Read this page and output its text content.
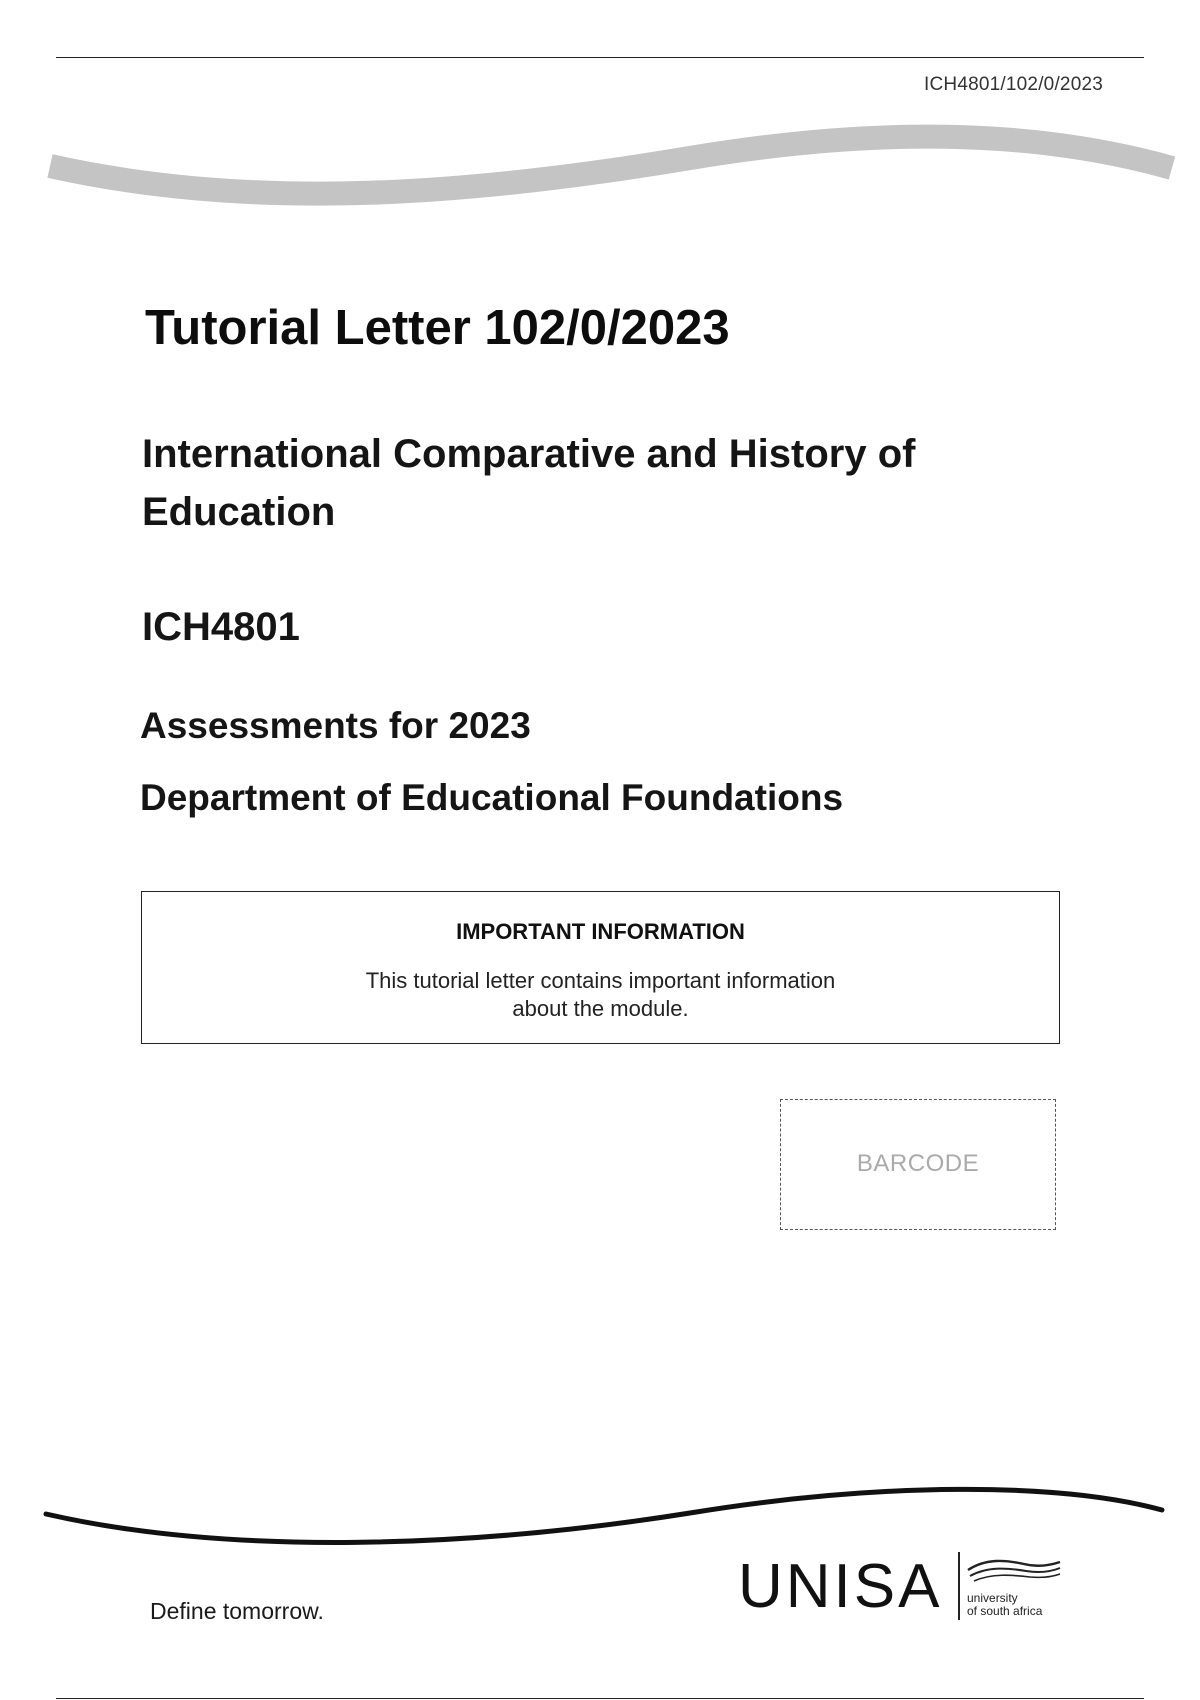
ICH4801/102/0/2023
Tutorial Letter 102/0/2023
International Comparative and History of Education
ICH4801
Assessments for 2023
Department of Educational Foundations
IMPORTANT INFORMATION
This tutorial letter contains important information
about the module.
BARCODE
Define tomorrow.	UNISA university
of south africa
